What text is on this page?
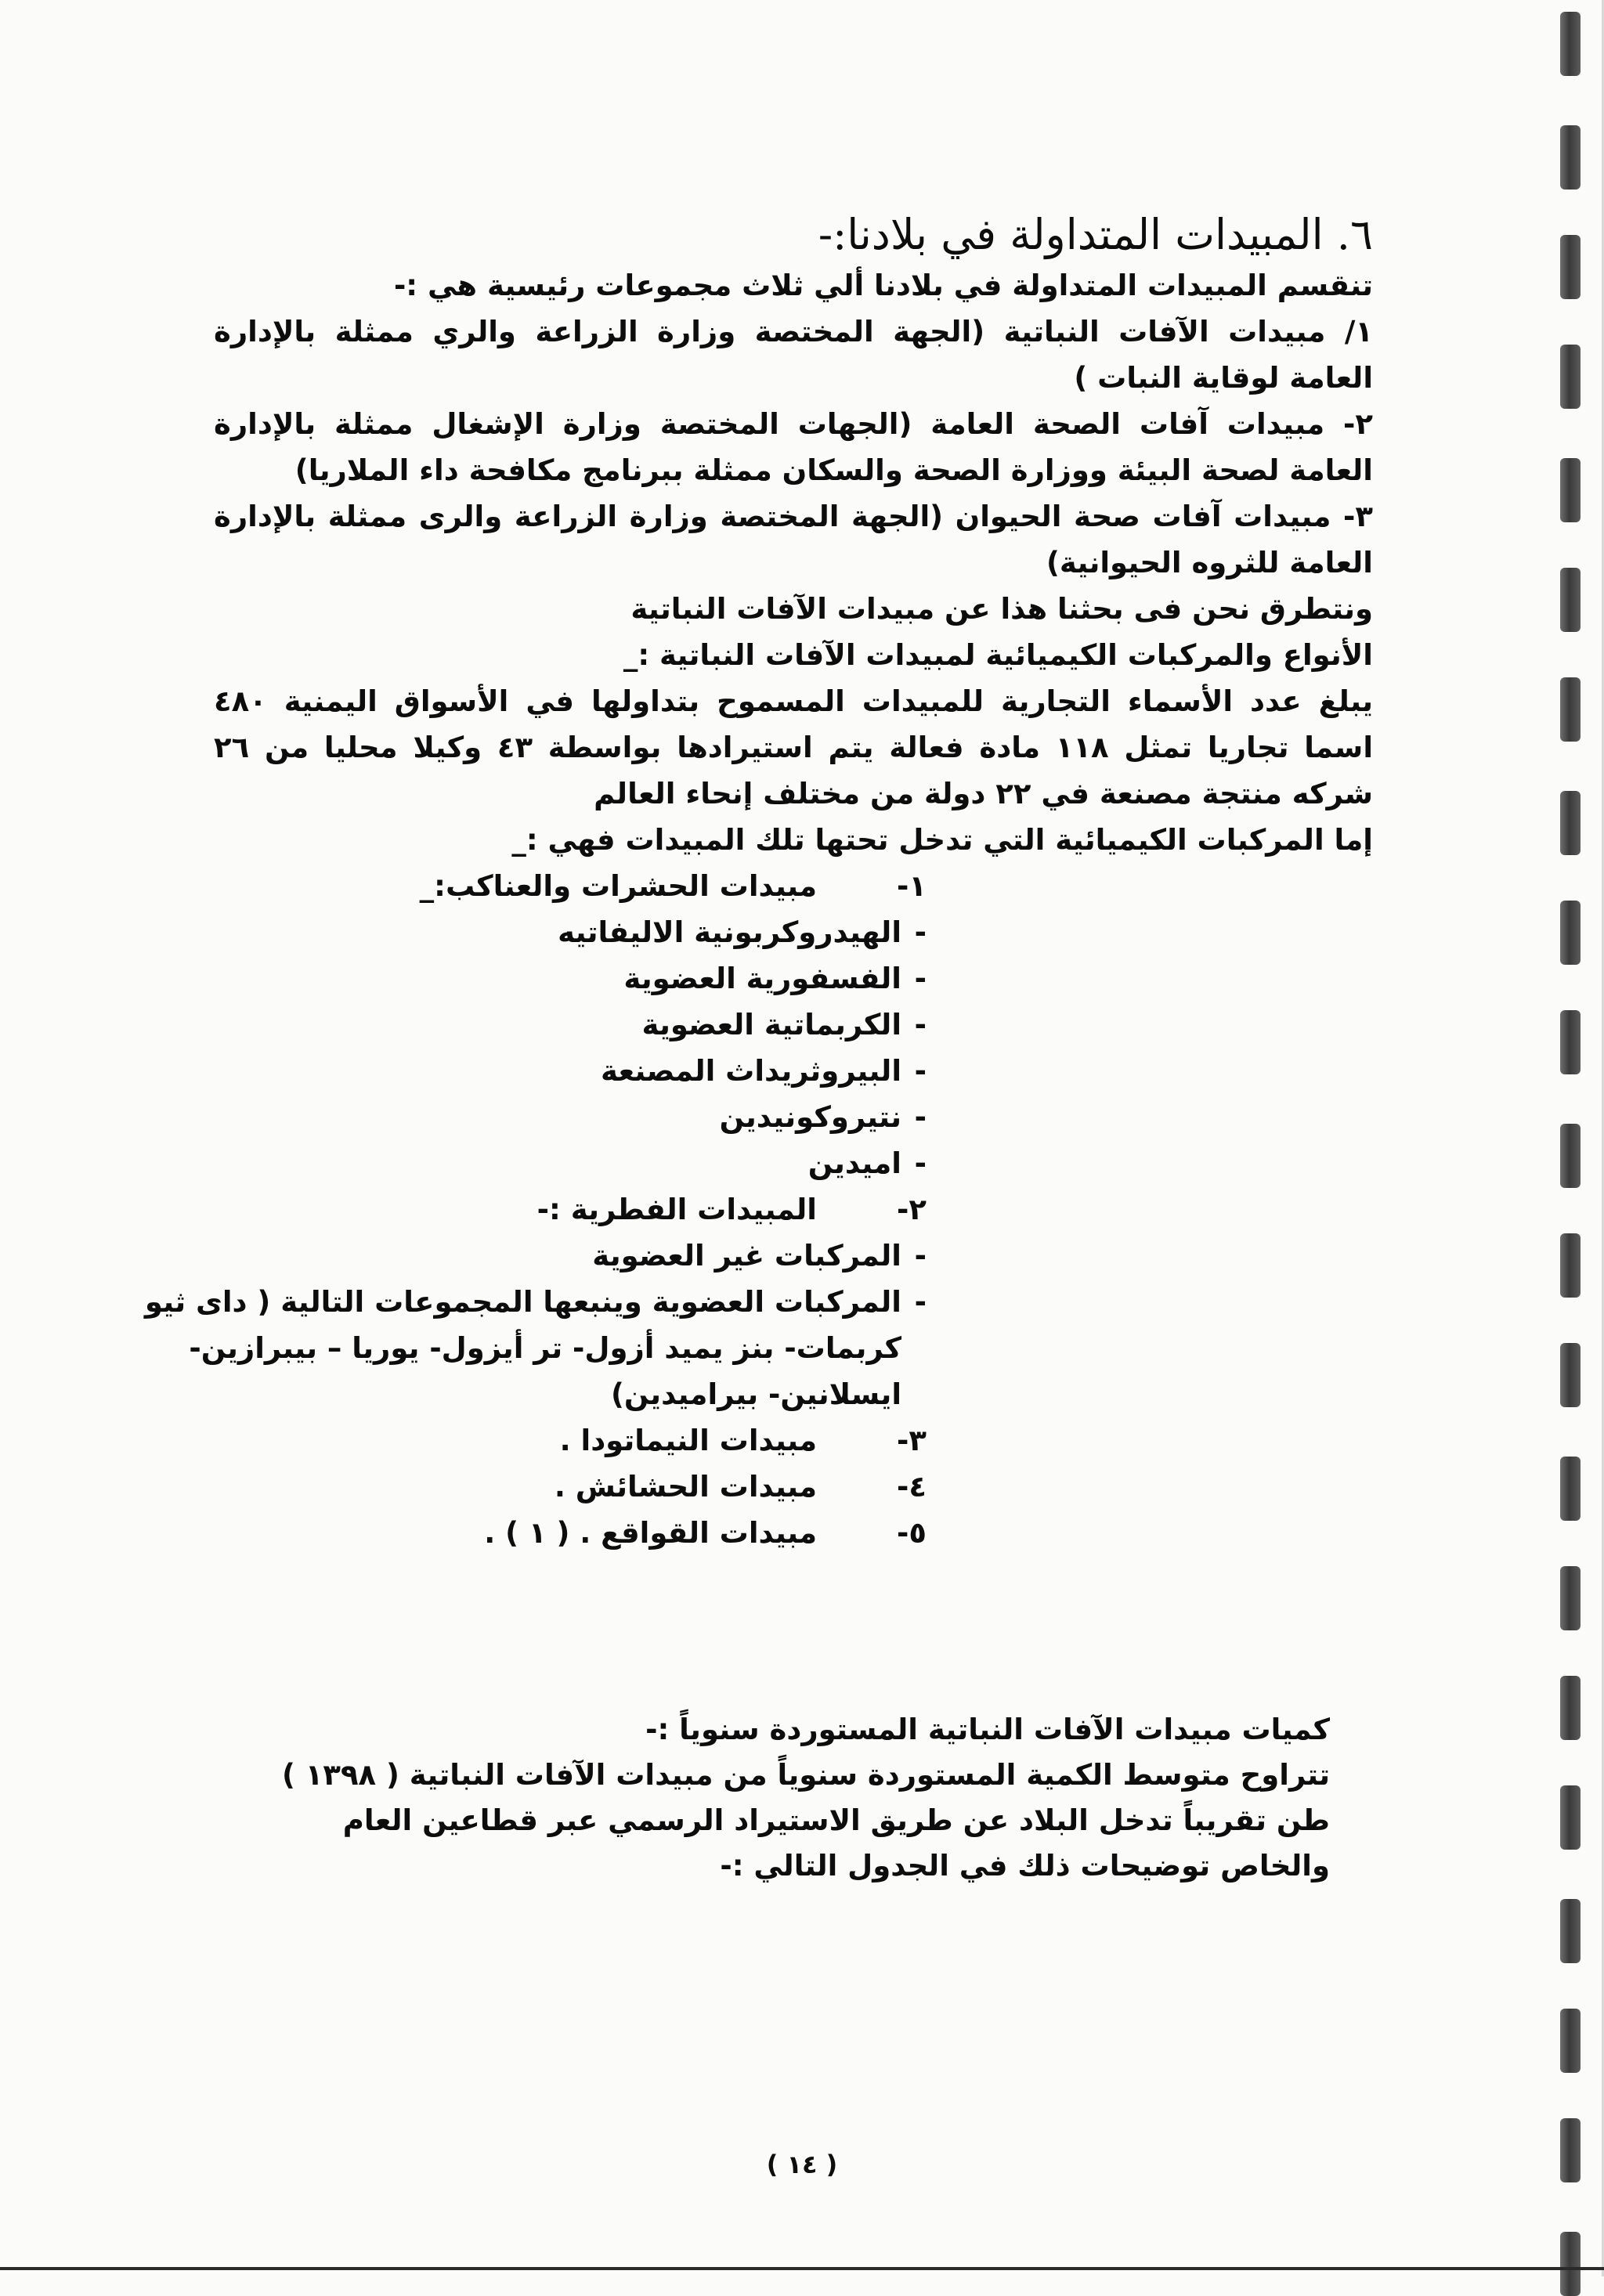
٦. المبيدات المتداولة في بلادنا:-

تنقسم المبيدات المتداولة في بلادنا ألي ثلاث مجموعات رئيسية هي :-

١/ مبيدات الآفات النباتية (الجهة المختصة وزارة الزراعة والري ممثلة بالإدارة العامة لوقاية النبات )

٢- مبيدات آفات الصحة العامة (الجهات المختصة وزارة الإشغال ممثلة بالإدارة العامة لصحة البيئة ووزارة الصحة والسكان ممثلة ببرنامج مكافحة داء الملاريا)

٣- مبيدات آفات صحة الحيوان (الجهة المختصة وزارة الزراعة والرى ممثلة بالإدارة العامة للثروه الحيوانية)

ونتطرق نحن فى بحثنا هذا عن مبيدات الآفات النباتية

الأنواع والمركبات الكيميائية لمبيدات الآفات النباتية :_

يبلغ عدد الأسماء التجارية للمبيدات المسموح بتداولها في الأسواق اليمنية ٤٨٠ اسما تجاريا تمثل ١١٨ مادة فعالة يتم استيرادها بواسطة ٤٣ وكيلا محليا من ٢٦ شركه منتجة مصنعة في ٢٢ دولة من مختلف إنحاء العالم

إما المركبات الكيميائية التي تدخل تحتها تلك المبيدات فهي :_

١-
مبيدات الحشرات والعناكب:_
-
الهيدروكربونية الاليفاتيه
-
الفسفورية العضوية
-
الكربماتية العضوية
-
البيروثريداث المصنعة
-
نتيروكونيدين
-
اميدين
٢-
المبيدات الفطرية :-
-
المركبات غير العضوية
-
المركبات العضوية وينبعها المجموعات التالية ( داى ثيو كربمات- بنز يميد أزول- تر أيزول- يوريا – بيبرازين- ايسلانين- بيراميدين)
٣-
مبيدات النيماتودا .
٤-
مبيدات الحشائش .
٥-
مبيدات القواقع . ( ١ ) .

كميات مبيدات الآفات النباتية المستوردة سنوياً :-

تتراوح متوسط الكمية المستوردة سنوياً من مبيدات الآفات النباتية ( ١٣٩٨ )

طن تقريباً تدخل البلاد عن طريق الاستيراد الرسمي عبر قطاعين العام

والخاص توضيحات ذلك في الجدول التالي :-

( ١٤ )
